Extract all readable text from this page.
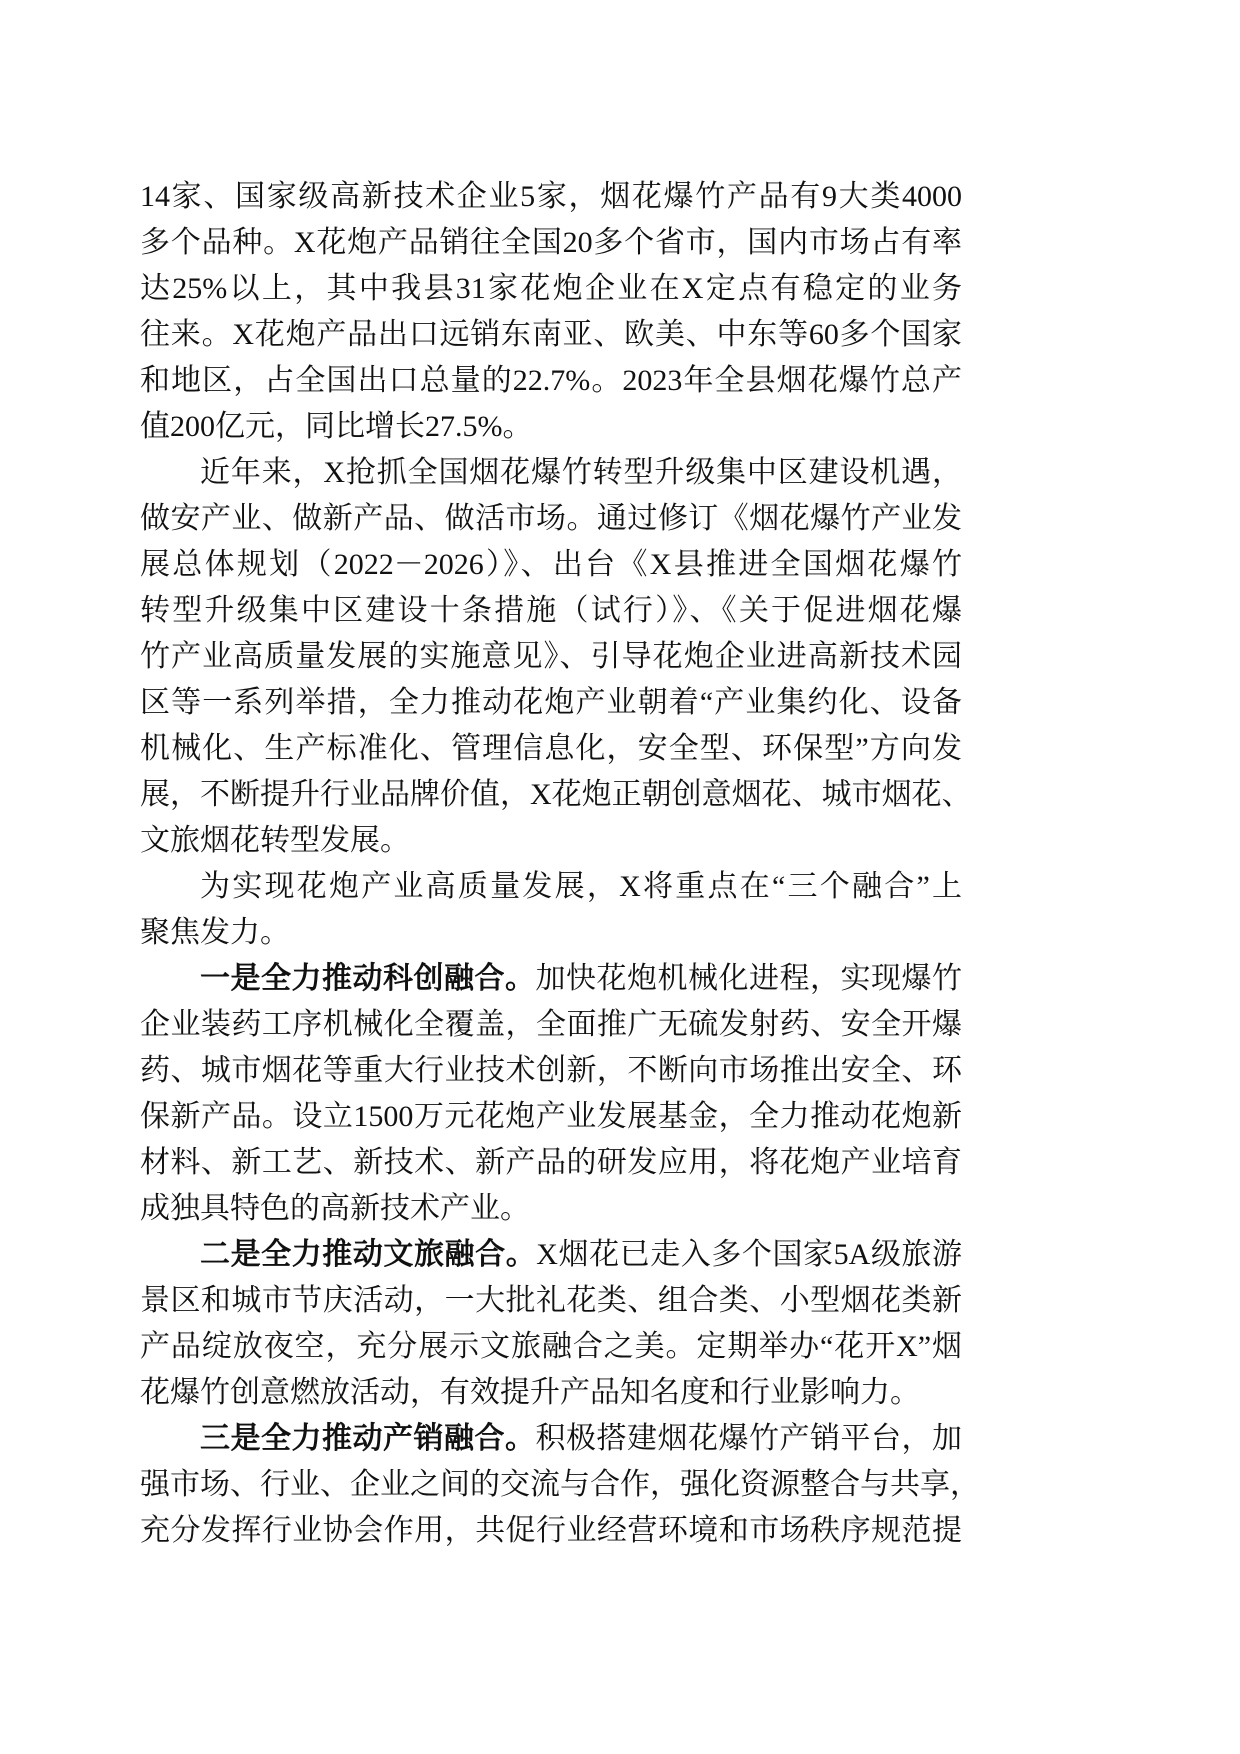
14家、国家级高新技术企业5家，烟花爆竹产品有9大类4000
多个品种。X花炮产品销往全国20多个省市，国内市场占有率
达25%以上，其中我县31家花炮企业在X定点有稳定的业务
往来。X花炮产品出口远销东南亚、欧美、中东等60多个国家
和地区，占全国出口总量的22.7%。2023年全县烟花爆竹总产
值200亿元，同比增长27.5%。
近年来，X抢抓全国烟花爆竹转型升级集中区建设机遇，
做安产业、做新产品、做活市场。通过修订《烟花爆竹产业发
展总体规划（2022－2026）》、出台《X县推进全国烟花爆竹
转型升级集中区建设十条措施（试行）》、《关于促进烟花爆
竹产业高质量发展的实施意见》、引导花炮企业进高新技术园
区等一系列举措，全力推动花炮产业朝着“产业集约化、设备
机械化、生产标准化、管理信息化，安全型、环保型”方向发
展，不断提升行业品牌价值，X花炮正朝创意烟花、城市烟花、
文旅烟花转型发展。
为实现花炮产业高质量发展，X将重点在“三个融合”上
聚焦发力。
一是全力推动科创融合。加快花炮机械化进程，实现爆竹
企业装药工序机械化全覆盖，全面推广无硫发射药、安全开爆
药、城市烟花等重大行业技术创新，不断向市场推出安全、环
保新产品。设立1500万元花炮产业发展基金，全力推动花炮新
材料、新工艺、新技术、新产品的研发应用，将花炮产业培育
成独具特色的高新技术产业。
二是全力推动文旅融合。X烟花已走入多个国家5A级旅游
景区和城市节庆活动，一大批礼花类、组合类、小型烟花类新
产品绽放夜空，充分展示文旅融合之美。定期举办“花开X”烟
花爆竹创意燃放活动，有效提升产品知名度和行业影响力。
三是全力推动产销融合。积极搭建烟花爆竹产销平台，加
强市场、行业、企业之间的交流与合作，强化资源整合与共享，
充分发挥行业协会作用，共促行业经营环境和市场秩序规范提
